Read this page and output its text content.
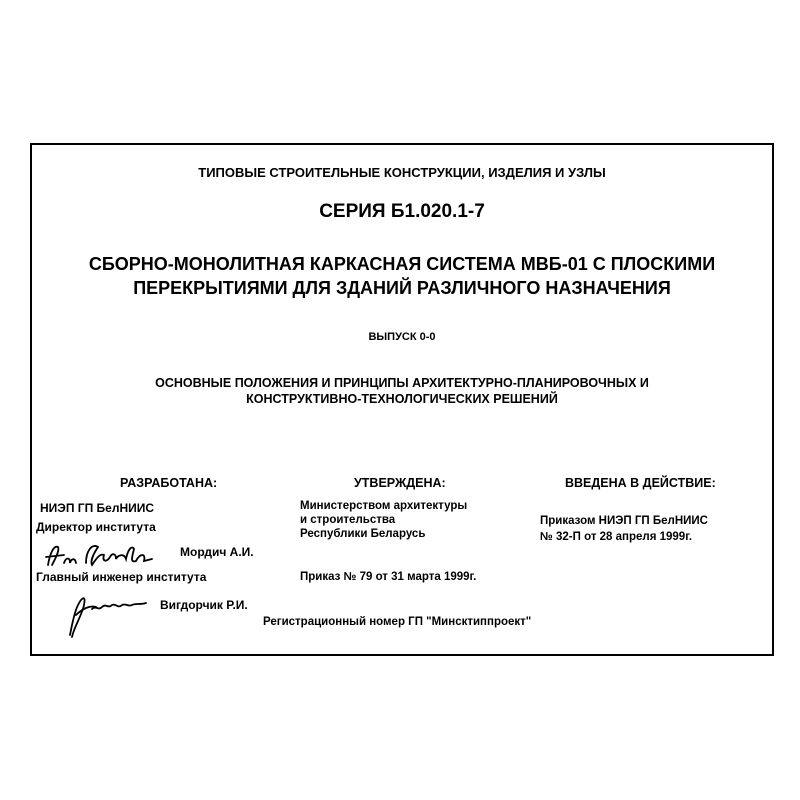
ТИПОВЫЕ СТРОИТЕЛЬНЫЕ КОНСТРУКЦИИ, ИЗДЕЛИЯ И УЗЛЫ
СЕРИЯ Б1.020.1-7
СБОРНО-МОНОЛИТНАЯ КАРКАСНАЯ СИСТЕМА МВБ-01 С ПЛОСКИМИ
ПЕРЕКРЫТИЯМИ ДЛЯ ЗДАНИЙ РАЗЛИЧНОГО НАЗНАЧЕНИЯ
ВЫПУСК 0-0
ОСНОВНЫЕ ПОЛОЖЕНИЯ И ПРИНЦИПЫ АРХИТЕКТУРНО-ПЛАНИРОВОЧНЫХ И
КОНСТРУКТИВНО-ТЕХНОЛОГИЧЕСКИХ РЕШЕНИЙ
РАЗРАБОТАНА:
НИЭП ГП БелНИИС
Директор института
Мордич А.И.
Главный инженер института
Вигдорчик Р.И.
УТВЕРЖДЕНА:
Министерством архитектуры
и строительства
Республики Беларусь
Приказ № 79 от 31 марта 1999г.
ВВЕДЕНА В ДЕЙСТВИЕ:
Приказом НИЭП ГП БелНИИС
№ 32-П от 28 апреля 1999г.
Регистрационный номер ГП "Минсктиппроект"
